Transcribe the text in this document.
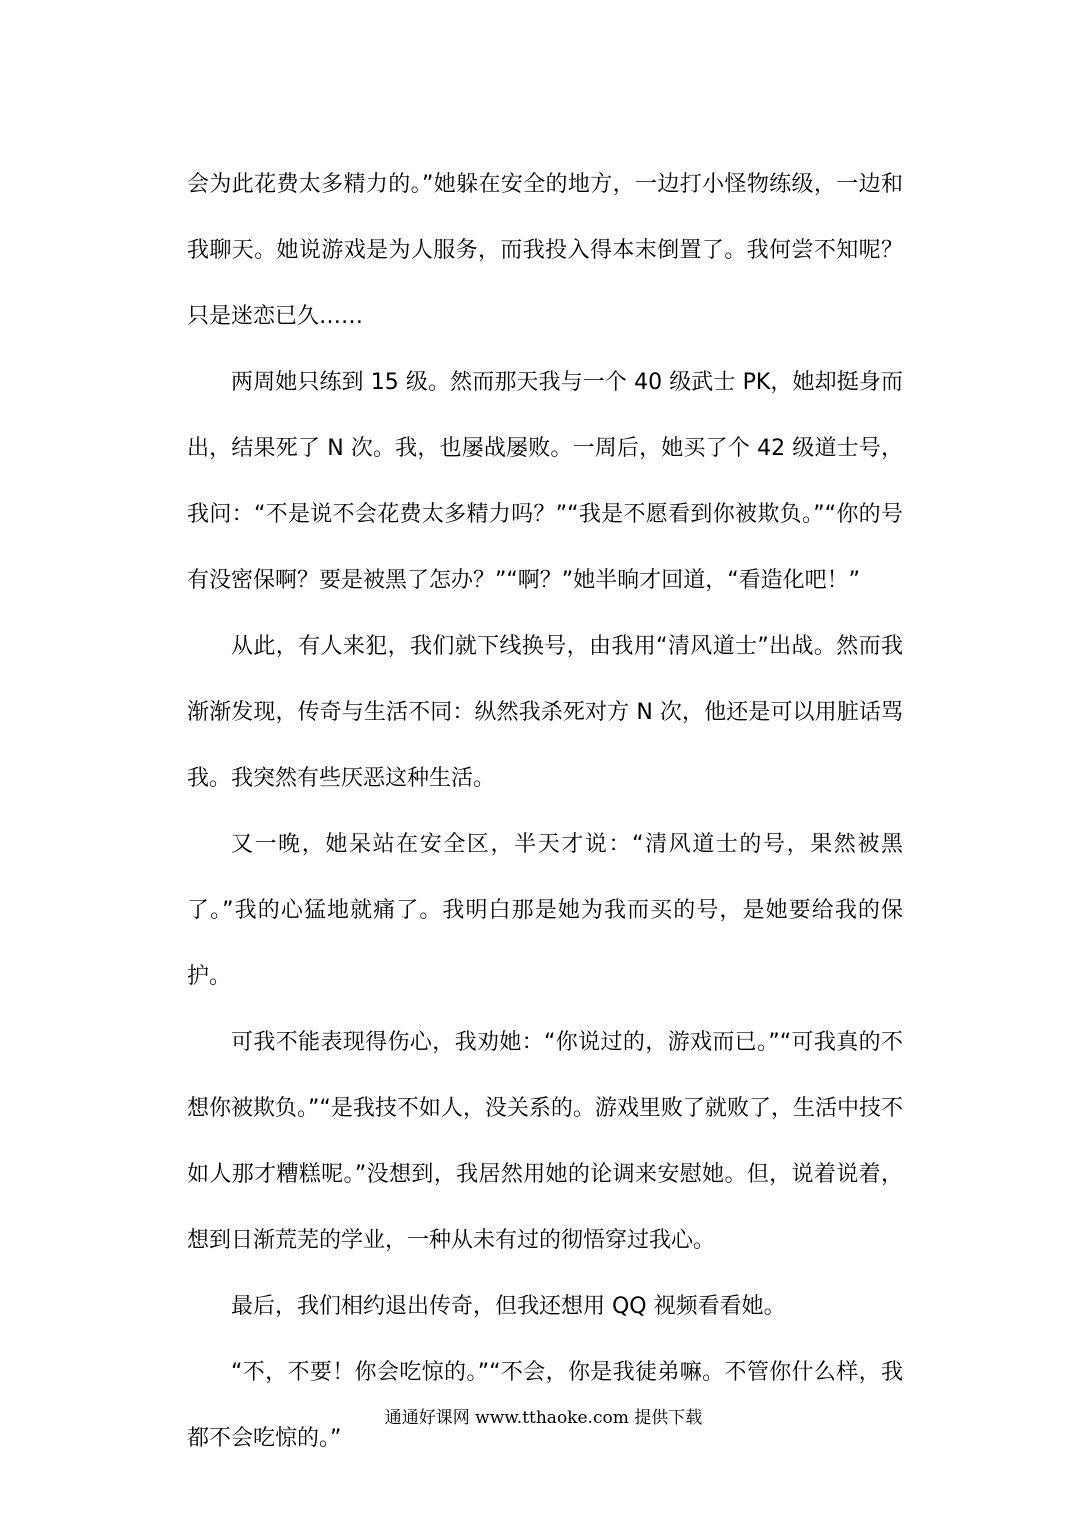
会为此花费太多精力的。”她躲在安全的地方，一边打小怪物练级，一边和我聊天。她说游戏是为人服务，而我投入得本末倒置了。我何尝不知呢？只是迷恋已久……

两周她只练到 15 级。然而那天我与一个 40 级武士 PK，她却挺身而出，结果死了 N 次。我，也屡战屡败。一周后，她买了个 42 级道士号，我问：“不是说不会花费太多精力吗？”“我是不愿看到你被欺负。”“你的号有没密保啊？要是被黑了怎办？”“啊？”她半晌才回道，“看造化吧！”

从此，有人来犯，我们就下线换号，由我用“清风道士”出战。然而我渐渐发现，传奇与生活不同：纵然我杀死对方 N 次，他还是可以用脏话骂我。我突然有些厌恶这种生活。

又一晚，她呆站在安全区，半天才说：“清风道士的号，果然被黑了。”我的心猛地就痛了。我明白那是她为我而买的号，是她要给我的保护。

可我不能表现得伤心，我劝她：“你说过的，游戏而已。”“可我真的不想你被欺负。”“是我技不如人，没关系的。游戏里败了就败了，生活中技不如人那才糟糕呢。”没想到，我居然用她的论调来安慰她。但，说着说着，想到日渐荒芜的学业，一种从未有过的彻悟穿过我心。

最后，我们相约退出传奇，但我还想用 QQ 视频看看她。

“不，不要！你会吃惊的。”“不会，你是我徒弟嘛。不管你什么样，我都不会吃惊的。”

通通好课网 www.tthaoke.com 提供下载
